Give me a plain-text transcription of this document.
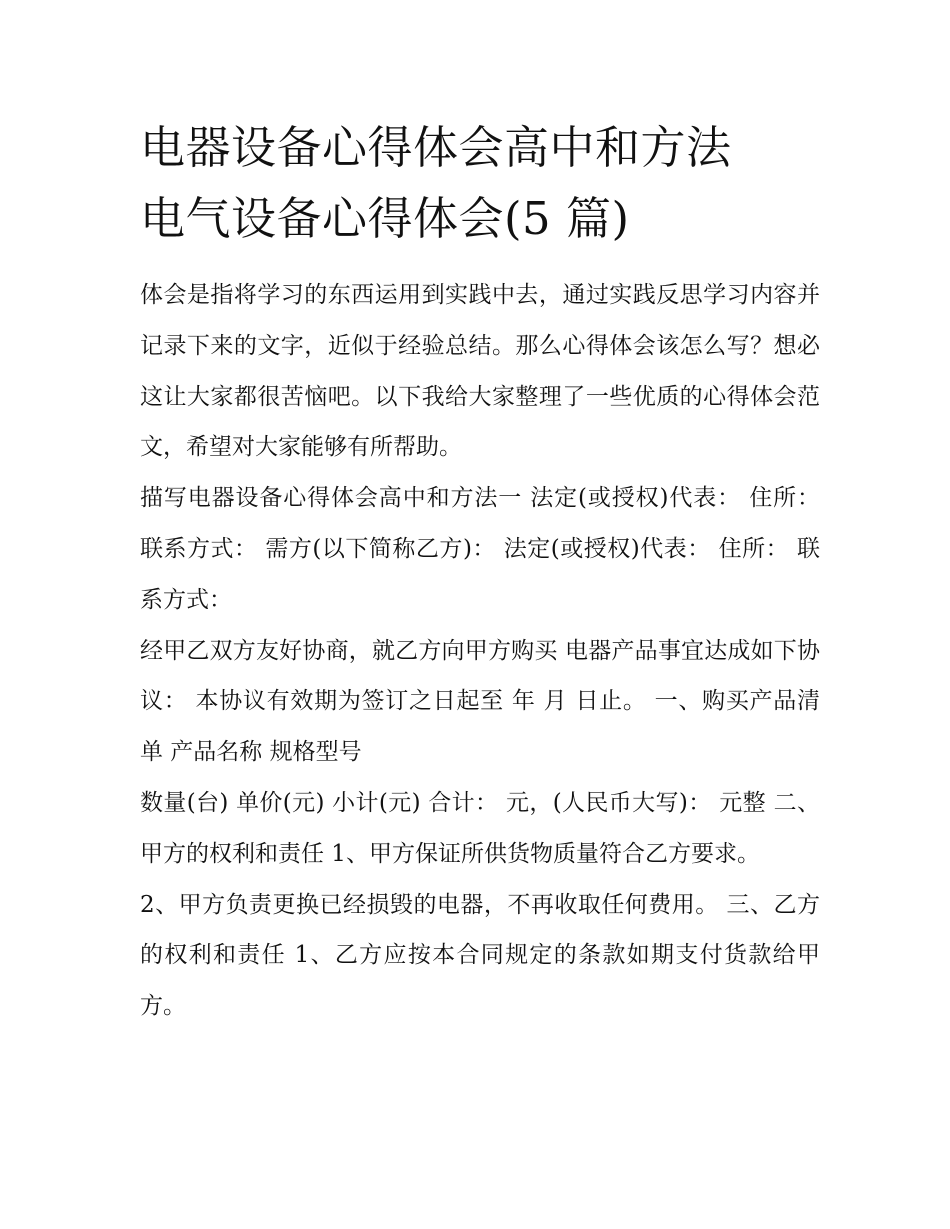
电器设备心得体会高中和方法
电气设备心得体会(5 篇)

体会是指将学习的东西运用到实践中去，通过实践反思学习内容并记录下来的文字，近似于经验总结。那么心得体会该怎么写？想必这让大家都很苦恼吧。以下我给大家整理了一些优质的心得体会范文，希望对大家能够有所帮助。

描写电器设备心得体会高中和方法一 法定(或授权)代表： 住所： 联系方式： 需方(以下简称乙方)： 法定(或授权)代表： 住所： 联系方式：

经甲乙双方友好协商，就乙方向甲方购买 电器产品事宜达成如下协议： 本协议有效期为签订之日起至 年 月 日止。 一、购买产品清单 产品名称 规格型号

数量(台) 单价(元) 小计(元) 合计： 元，(人民币大写)： 元整 二、甲方的权利和责任 1、甲方保证所供货物质量符合乙方要求。

2、甲方负责更换已经损毁的电器，不再收取任何费用。 三、乙方的权利和责任 1、乙方应按本合同规定的条款如期支付货款给甲方。
